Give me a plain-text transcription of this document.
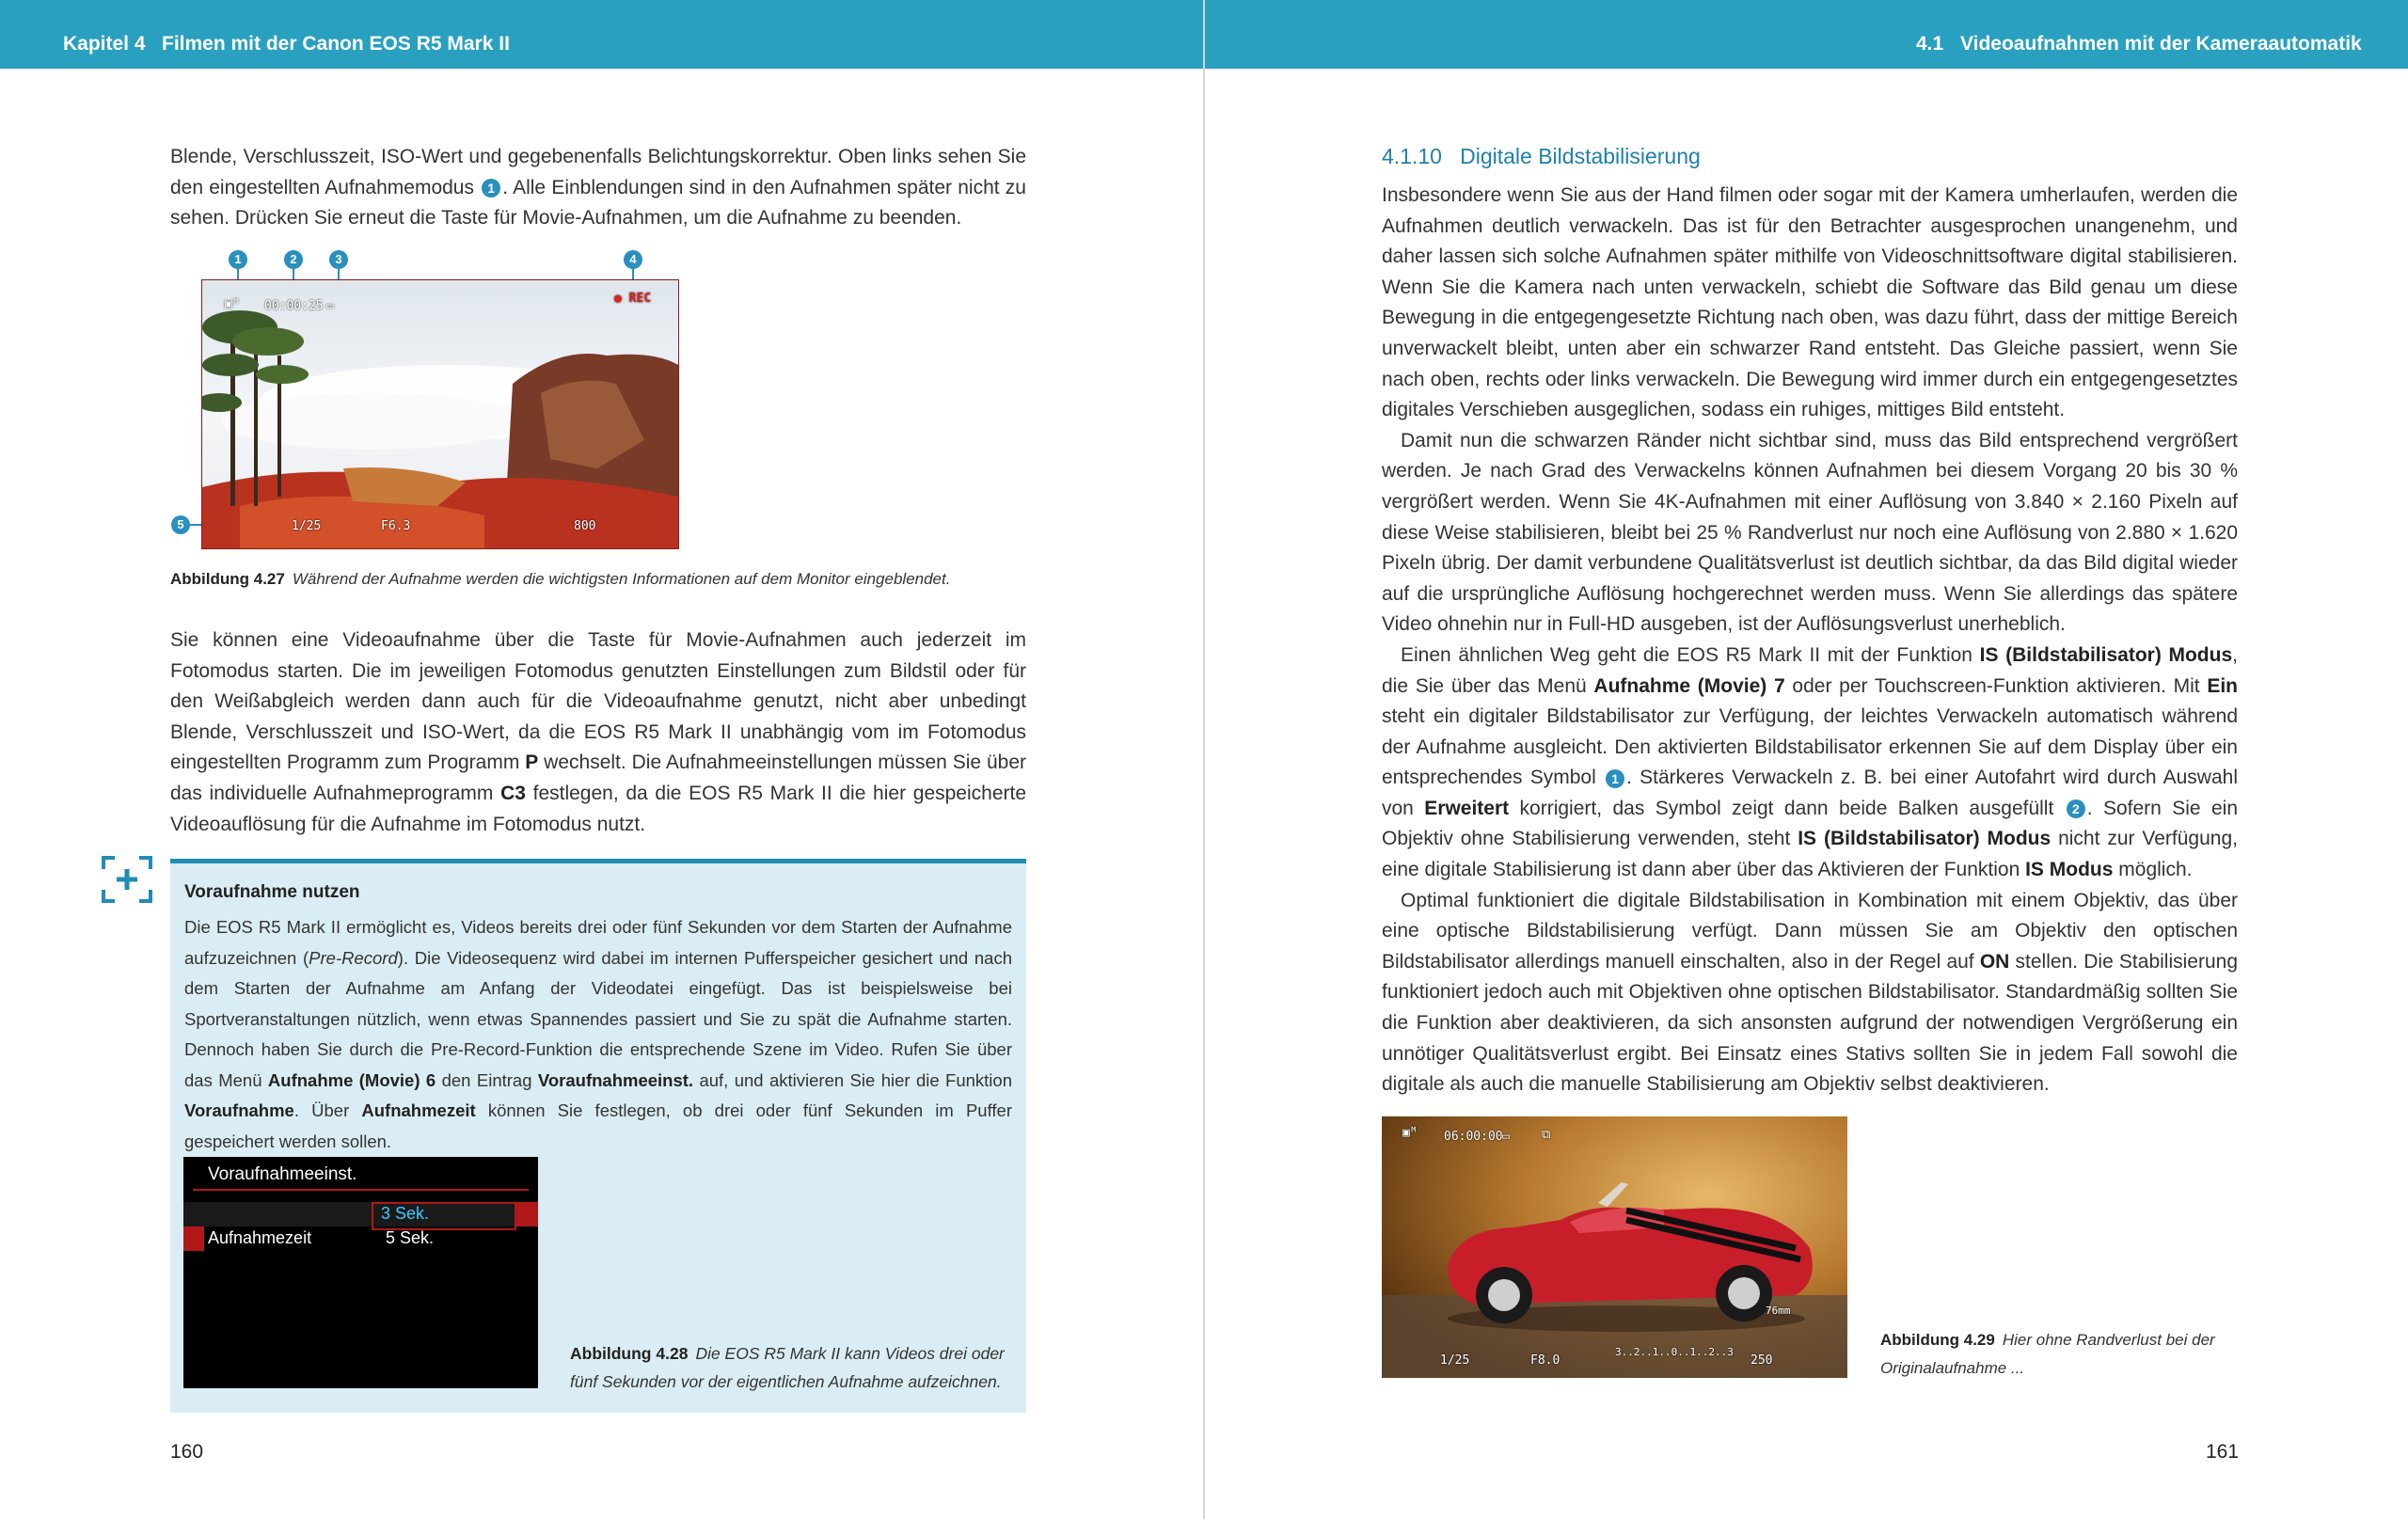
Kapitel 4 Filmen mit der Canon EOS R5 Mark II

Blende, Verschlusszeit, ISO-Wert und gegebenenfalls Belichtungskorrektur. Oben links sehen Sie den eingestellten Aufnahmemodus 1 . Alle Einblendungen sind in den Aufnahmen später nicht zu sehen. Drücken Sie erneut die Taste für Movie-Aufnahmen, um die Aufnahme zu beenden.

1	2	3	4
5
▣ᴹ 00:00:25 ▭
● REC
1/25	F6.3	800
Abbildung 4.27 Während der Aufnahme werden die wichtigsten Informationen auf dem Monitor eingeblendet.

Sie können eine Videoaufnahme über die Taste für Movie-Aufnahmen auch jederzeit im Fotomodus starten. Die im jeweiligen Fotomodus genutzten Einstellungen zum Bildstil oder für den Weißabgleich werden dann auch für die Videoaufnahme genutzt, nicht aber unbedingt Blende, Verschlusszeit und ISO-Wert, da die EOS R5 Mark II unabhängig vom im Fotomodus eingestellten Programm zum Programm P wechselt. Die Aufnahmeeinstellungen müssen Sie über das individuelle Aufnahmeprogramm C3 festlegen, da die EOS R5 Mark II die hier gespeicherte Videoauflösung für die Aufnahme im Fotomodus nutzt.

Voraufnahme nutzen
Die EOS R5 Mark II ermöglicht es, Videos bereits drei oder fünf Sekunden vor dem Starten der Aufnahme aufzuzeichnen (Pre-Record). Die Videosequenz wird dabei im internen Pufferspeicher gesichert und nach dem Starten der Aufnahme am Anfang der Videodatei eingefügt. Das ist beispielsweise bei Sportveranstaltungen nützlich, wenn etwas Spannendes passiert und Sie zu spät die Aufnahme starten. Dennoch haben Sie durch die Pre-Record-Funktion die entsprechende Szene im Video. Rufen Sie über das Menü Aufnahme (Movie) 6 den Eintrag Voraufnahmeeinst. auf, und aktivieren Sie hier die Funktion Voraufnahme. Über Aufnahmezeit können Sie festlegen, ob drei oder fünf Sekunden im Puffer gespeichert werden sollen.
Voraufnahmeeinst.
3 Sek.
Aufnahmezeit	5 Sek.
Abbildung 4.28 Die EOS R5 Mark II kann Videos drei oder fünf Sekunden vor der eigentlichen Aufnahme aufzeichnen.
160
4.1 Videoaufnahmen mit der Kameraautomatik
4.1.10 Digitale Bildstabilisierung

Insbesondere wenn Sie aus der Hand filmen oder sogar mit der Kamera umherlaufen, werden die Aufnahmen deutlich verwackeln. Das ist für den Betrachter ausgesprochen unangenehm, und daher lassen sich solche Aufnahmen später mithilfe von Videoschnittsoftware digital stabilisieren. Wenn Sie die Kamera nach unten verwackeln, schiebt die Software das Bild genau um diese Bewegung in die entgegengesetzte Richtung nach oben, was dazu führt, dass der mittige Bereich unverwackelt bleibt, unten aber ein schwarzer Rand entsteht. Das Gleiche passiert, wenn Sie nach oben, rechts oder links verwackeln. Die Bewegung wird immer durch ein entgegengesetztes digitales Verschieben ausgeglichen, sodass ein ruhiges, mittiges Bild entsteht.

Damit nun die schwarzen Ränder nicht sichtbar sind, muss das Bild entsprechend vergrößert werden. Je nach Grad des Verwackelns können Aufnahmen bei diesem Vorgang 20 bis 30 % vergrößert werden. Wenn Sie 4K-Aufnahmen mit einer Auflösung von 3.840 × 2.160 Pixeln auf diese Weise stabilisieren, bleibt bei 25 % Randverlust nur noch eine Auflösung von 2.880 × 1.620 Pixeln übrig. Der damit verbundene Qualitätsverlust ist deutlich sichtbar, da das Bild digital wieder auf die ursprüngliche Auflösung hochgerechnet werden muss. Wenn Sie allerdings das spätere Video ohnehin nur in Full-HD ausgeben, ist der Auflösungsverlust unerheblich.

Einen ähnlichen Weg geht die EOS R5 Mark II mit der Funktion IS (Bildstabilisator) Modus, die Sie über das Menü Aufnahme (Movie) 7 oder per Touchscreen-Funktion aktivieren. Mit Ein steht ein digitaler Bildstabilisator zur Verfügung, der leichtes Verwackeln automatisch während der Aufnahme ausgleicht. Den aktivierten Bildstabilisator erkennen Sie auf dem Display über ein entsprechendes Symbol 1 . Stärkeres Verwackeln z. B. bei einer Autofahrt wird durch Auswahl von Erweitert korrigiert, das Symbol zeigt dann beide Balken ausgefüllt 2 . Sofern Sie ein Objektiv ohne Stabilisierung verwenden, steht IS (Bildstabilisator) Modus nicht zur Verfügung, eine digitale Stabilisierung ist dann aber über das Aktivieren der Funktion IS Modus möglich.

Optimal funktioniert die digitale Bildstabilisation in Kombination mit einem Objektiv, das über eine optische Bildstabilisierung verfügt. Dann müssen Sie am Objektiv den optischen Bildstabilisator allerdings manuell einschalten, also in der Regel auf ON stellen. Die Stabilisierung funktioniert jedoch auch mit Objektiven ohne optischen Bildstabilisator. Standardmäßig sollten Sie die Funktion aber deaktivieren, da sich ansonsten aufgrund der notwendigen Vergrößerung ein unnötiger Qualitätsverlust ergibt. Bei Einsatz eines Stativs sollten Sie in jedem Fall sowohl die digitale als auch die manuelle Stabilisierung am Objektiv selbst deaktivieren.

▣ᴹ 06:00:00 ▭	⧉
76mm
1/25	F8.0
3..2..1..0..1..2..3
250
Abbildung 4.29 Hier ohne Randverlust bei der Originalaufnahme ...
161
